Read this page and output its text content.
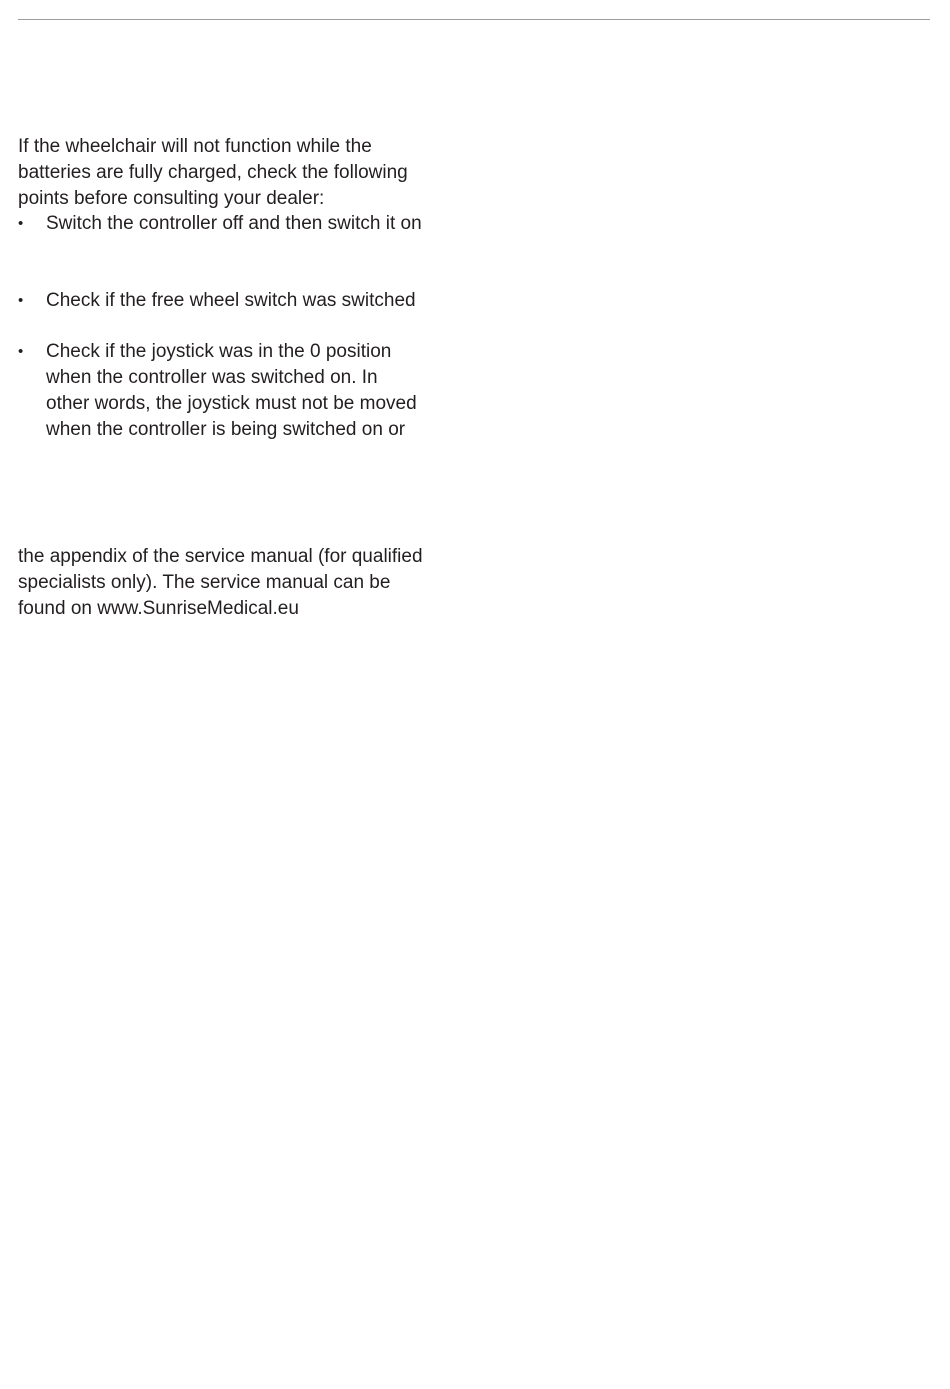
If the wheelchair will not function while the

batteries are fully charged, check the following

points before consulting your dealer:

•	Switch the controller off and then switch it on

•	Check if the free wheel switch was switched

•	Check if the joystick was in the 0 position

when the controller was switched on. In

other words, the joystick must not be moved

when the controller is being switched on or

the appendix of the service manual (for qualified

specialists only). The service manual can be

found on www.SunriseMedical.eu
